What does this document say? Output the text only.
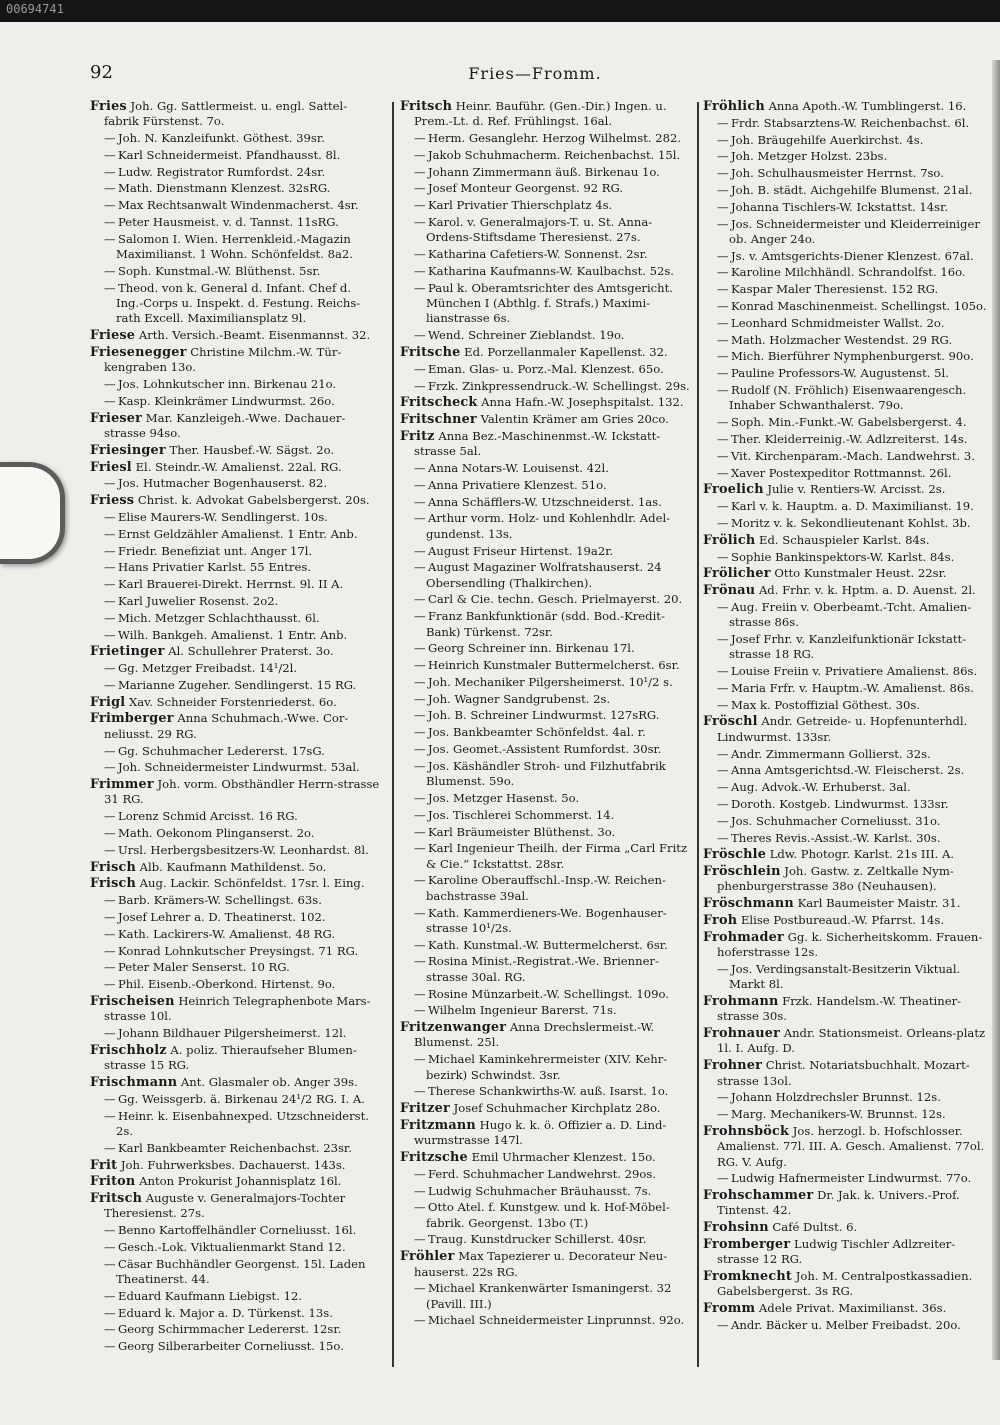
00694741
92	Fries—Fromm.
Fries Joh. Gg. Sattlermeist. u. engl. Sattel-fabrik Fürstenst. 7o.
— Joh. N. Kanzleifunkt. Göthest. 39sr.
— Karl Schneidermeist. Pfandhausst. 8l.
— Ludw. Registrator Rumfordst. 24sr.
— Math. Dienstmann Klenzest. 32sRG.
— Max Rechtsanwalt Windenmacherst. 4sr.
— Peter Hausmeist. v. d. Tannst. 11sRG.
— Salomon I. Wien. Herrenkleid.-Magazin Maximilianst. 1 Wohn. Schönfeldst. 8a2.
— Soph. Kunstmal.-W. Blüthenst. 5sr.
— Theod. von k. General d. Infant. Chef d. Ing.-Corps u. Inspekt. d. Festung. Reichs-rath Excell. Maximiliansplatz 9l.
Friese Arth. Versich.-Beamt. Eisenmannst. 32.
Friesenegger Christine Milchm.-W. Tür-kengraben 13o.
— Jos. Lohnkutscher inn. Birkenau 21o.
— Kasp. Kleinkrämer Lindwurmst. 26o.
Frieser Mar. Kanzleigeh.-Wwe. Dachauer-strasse 94so.
Friesinger Ther. Hausbef.-W. Sägst. 2o.
Friesl El. Steindr.-W. Amalienst. 22al. RG.
— Jos. Hutmacher Bogenhauserst. 82.
Friess Christ. k. Advokat Gabelsbergerst. 20s.
— Elise Maurers-W. Sendlingerst. 10s.
— Ernst Geldzähler Amalienst. 1 Entr. Anb.
— Friedr. Benefiziat unt. Anger 17l.
— Hans Privatier Karlst. 55 Entres.
— Karl Brauerei-Direkt. Herrnst. 9l. II A.
— Karl Juwelier Rosenst. 2o2.
— Mich. Metzger Schlachthausst. 6l.
— Wilh. Bankgeh. Amalienst. 1 Entr. Anb.
Frietinger Al. Schullehrer Praterst. 3o.
— Gg. Metzger Freibadst. 14¹/2l.
— Marianne Zugeher. Sendlingerst. 15 RG.
Frigl Xav. Schneider Forstenriederst. 6o.
Frimberger Anna Schuhmach.-Wwe. Cor-neliusst. 29 RG.
— Gg. Schuhmacher Ledererst. 17sG.
— Joh. Schneidermeister Lindwurmst. 53al.
Frimmer Joh. vorm. Obsthändler Herrn-strasse 31 RG.
— Lorenz Schmid Arcisst. 16 RG.
— Math. Oekonom Plinganserst. 2o.
— Ursl. Herbergsbesitzers-W. Leonhardst. 8l.
Frisch Alb. Kaufmann Mathildenst. 5o.
Frisch Aug. Lackir. Schönfeldst. 17sr. l. Eing.
— Barb. Krämers-W. Schellingst. 63s.
— Josef Lehrer a. D. Theatinerst. 102.
— Kath. Lackirers-W. Amalienst. 48 RG.
— Konrad Lohnkutscher Preysingst. 71 RG.
— Peter Maler Senserst. 10 RG.
— Phil. Eisenb.-Oberkond. Hirtenst. 9o.
Frischeisen Heinrich Telegraphenbote Mars-strasse 10l.
— Johann Bildhauer Pilgersheimerst. 12l.
Frischholz A. poliz. Thieraufseher Blumen-strasse 15 RG.
Frischmann Ant. Glasmaler ob. Anger 39s.
— Gg. Weissgerb. ä. Birkenau 24¹/2 RG. I. A.
— Heinr. k. Eisenbahnexped. Utzschneiderst. 2s.
— Karl Bankbeamter Reichenbachst. 23sr.
Frit Joh. Fuhrwerksbes. Dachauerst. 143s.
Friton Anton Prokurist Johannisplatz 16l.
Fritsch Auguste v. Generalmajors-Tochter Theresienst. 27s.
— Benno Kartoffelhändler Corneliusst. 16l.
— Gesch.-Lok. Viktualienmarkt Stand 12.
— Cäsar Buchhändler Georgenst. 15l. Laden Theatinerst. 44.
— Eduard Kaufmann Liebigst. 12.
— Eduard k. Major a. D. Türkenst. 13s.
— Georg Schirmmacher Ledererst. 12sr.
— Georg Silberarbeiter Corneliusst. 15o.
Fritsch Heinr. Bauführ. (Gen.-Dir.) Ingen. u. Prem.-Lt. d. Ref. Frühlingst. 16al.
— Herm. Gesanglehr. Herzog Wilhelmst. 282.
— Jakob Schuhmacherm. Reichenbachst. 15l.
— Johann Zimmermann äuß. Birkenau 1o.
— Josef Monteur Georgenst. 92 RG.
— Karl Privatier Thierschplatz 4s.
— Karol. v. Generalmajors-T. u. St. Anna-Ordens-Stiftsdame Theresienst. 27s.
— Katharina Cafetiers-W. Sonnenst. 2sr.
— Katharina Kaufmanns-W. Kaulbachst. 52s.
— Paul k. Oberamtsrichter des Amtsgericht. München I (Abthlg. f. Strafs.) Maximi-lianstrasse 6s.
— Wend. Schreiner Zieblandst. 19o.
Fritsche Ed. Porzellanmaler Kapellenst. 32.
— Eman. Glas- u. Porz.-Mal. Klenzest. 65o.
— Frzk. Zinkpressendruck.-W. Schellingst. 29s.
Fritscheck Anna Hafn.-W. Josephspitalst. 132.
Fritschner Valentin Krämer am Gries 20co.
Fritz Anna Bez.-Maschinenmst.-W. Ickstatt-strasse 5al.
— Anna Notars-W. Louisenst. 42l.
— Anna Privatiere Klenzest. 51o.
— Anna Schäfflers-W. Utzschneiderst. 1as.
— Arthur vorm. Holz- und Kohlenhdlr. Adel-gundenst. 13s.
— August Friseur Hirtenst. 19a2r.
— August Magaziner Wolfratshauserst. 24 Obersendling (Thalkirchen).
— Carl & Cie. techn. Gesch. Prielmayerst. 20.
— Franz Bankfunktionär (sdd. Bod.-Kredit-Bank) Türkenst. 72sr.
— Georg Schreiner inn. Birkenau 17l.
— Heinrich Kunstmaler Buttermelcherst. 6sr.
— Joh. Mechaniker Pilgersheimerst. 10¹/2 s.
— Joh. Wagner Sandgrubenst. 2s.
— Joh. B. Schreiner Lindwurmst. 127sRG.
— Jos. Bankbeamter Schönfeldst. 4al. r.
— Jos. Geomet.-Assistent Rumfordst. 30sr.
— Jos. Käshändler Stroh- und Filzhutfabrik Blumenst. 59o.
— Jos. Metzger Hasenst. 5o.
— Jos. Tischlerei Schommerst. 14.
— Karl Bräumeister Blüthenst. 3o.
— Karl Ingenieur Theilh. der Firma „Carl Fritz & Cie.“ Ickstattst. 28sr.
— Karoline Oberauffschl.-Insp.-W. Reichen-bachstrasse 39al.
— Kath. Kammerdieners-We. Bogenhauser-strasse 10¹/2s.
— Kath. Kunstmal.-W. Buttermelcherst. 6sr.
— Rosina Minist.-Registrat.-We. Brienner-strasse 30al. RG.
— Rosine Münzarbeit.-W. Schellingst. 109o.
— Wilhelm Ingenieur Barerst. 71s.
Fritzenwanger Anna Drechslermeist.-W. Blumenst. 25l.
— Michael Kaminkehrermeister (XIV. Kehr-bezirk) Schwindst. 3sr.
— Therese Schankwirths-W. auß. Isarst. 1o.
Fritzer Josef Schuhmacher Kirchplatz 28o.
Fritzmann Hugo k. k. ö. Offizier a. D. Lind-wurmstrasse 147l.
Fritzsche Emil Uhrmacher Klenzest. 15o.
— Ferd. Schuhmacher Landwehrst. 29os.
— Ludwig Schuhmacher Bräuhausst. 7s.
— Otto Atel. f. Kunstgew. und k. Hof-Möbel-fabrik. Georgenst. 13bo (T.)
— Traug. Kunstdrucker Schillerst. 40sr.
Fröhler Max Tapezierer u. Decorateur Neu-hauserst. 22s RG.
— Michael Krankenwärter Ismaningerst. 32 (Pavill. III.)
— Michael Schneidermeister Linprunnst. 92o.
Fröhlich Anna Apoth.-W. Tumblingerst. 16.
— Frdr. Stabsarztens-W. Reichenbachst. 6l.
— Joh. Bräugehilfe Auerkirchst. 4s.
— Joh. Metzger Holzst. 23bs.
— Joh. Schulhausmeister Herrnst. 7so.
— Joh. B. städt. Aichgehilfe Blumenst. 21al.
— Johanna Tischlers-W. Ickstattst. 14sr.
— Jos. Schneidermeister und Kleiderreiniger ob. Anger 24o.
— Js. v. Amtsgerichts-Diener Klenzest. 67al.
— Karoline Milchhändl. Schrandolfst. 16o.
— Kaspar Maler Theresienst. 152 RG.
— Konrad Maschinenmeist. Schellingst. 105o.
— Leonhard Schmidmeister Wallst. 2o.
— Math. Holzmacher Westendst. 29 RG.
— Mich. Bierführer Nymphenburgerst. 90o.
— Pauline Professors-W. Augustenst. 5l.
— Rudolf (N. Fröhlich) Eisenwaarengesch. Inhaber Schwanthalerst. 79o.
— Soph. Min.-Funkt.-W. Gabelsbergerst. 4.
— Ther. Kleiderreinig.-W. Adlzreiterst. 14s.
— Vit. Kirchenparam.-Mach. Landwehrst. 3.
— Xaver Postexpeditor Rottmannst. 26l.
Froelich Julie v. Rentiers-W. Arcisst. 2s.
— Karl v. k. Hauptm. a. D. Maximilianst. 19.
— Moritz v. k. Sekondlieutenant Kohlst. 3b.
Frölich Ed. Schauspieler Karlst. 84s.
— Sophie Bankinspektors-W. Karlst. 84s.
Frölicher Otto Kunstmaler Heust. 22sr.
Frönau Ad. Frhr. v. k. Hptm. a. D. Auenst. 2l.
— Aug. Freiin v. Oberbeamt.-Tcht. Amalien-strasse 86s.
— Josef Frhr. v. Kanzleifunktionär Ickstatt-strasse 18 RG.
— Louise Freiin v. Privatiere Amalienst. 86s.
— Maria Frfr. v. Hauptm.-W. Amalienst. 86s.
— Max k. Postoffizial Göthest. 30s.
Fröschl Andr. Getreide- u. Hopfenunterhdl. Lindwurmst. 133sr.
— Andr. Zimmermann Gollierst. 32s.
— Anna Amtsgerichtsd.-W. Fleischerst. 2s.
— Aug. Advok.-W. Erhuberst. 3al.
— Doroth. Kostgeb. Lindwurmst. 133sr.
— Jos. Schuhmacher Corneliusst. 31o.
— Theres Revis.-Assist.-W. Karlst. 30s.
Fröschle Ldw. Photogr. Karlst. 21s III. A.
Fröschlein Joh. Gastw. z. Zeltkalle Nym-phenburgerstrasse 38o (Neuhausen).
Fröschmann Karl Baumeister Maistr. 31.
Froh Elise Postbureaud.-W. Pfarrst. 14s.
Frohmader Gg. k. Sicherheitskomm. Frauen-hoferstrasse 12s.
— Jos. Verdingsanstalt-Besitzerin Viktual. Markt 8l.
Frohmann Frzk. Handelsm.-W. Theatiner-strasse 30s.
Frohnauer Andr. Stationsmeist. Orleans-platz 1l. I. Aufg. D.
Frohner Christ. Notariatsbuchhalt. Mozart-strasse 13ol.
— Johann Holzdrechsler Brunnst. 12s.
— Marg. Mechanikers-W. Brunnst. 12s.
Frohnsböck Jos. herzogl. b. Hofschlosser. Amalienst. 77l. III. A. Gesch. Amalienst. 77ol. RG. V. Aufg.
— Ludwig Hafnermeister Lindwurmst. 77o.
Frohschammer Dr. Jak. k. Univers.-Prof. Tintenst. 42.
Frohsinn Café Dultst. 6.
Fromberger Ludwig Tischler Adlzreiter-strasse 12 RG.
Fromknecht Joh. M. Centralpostkassadien. Gabelsbergerst. 3s RG.
Fromm Adele Privat. Maximilianst. 36s.
— Andr. Bäcker u. Melber Freibadst. 20o.
